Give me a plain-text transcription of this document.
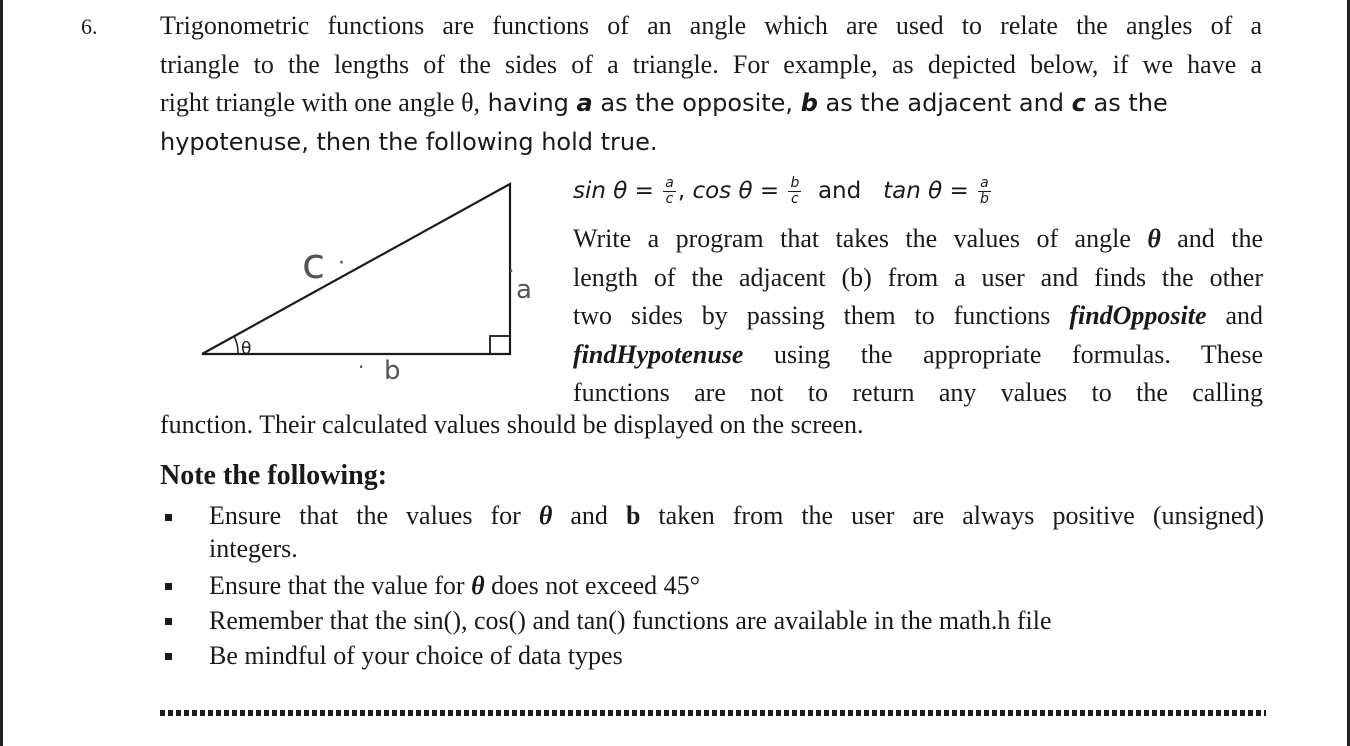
6. Trigonometric functions are functions of an angle which are used to relate the angles of a
triangle to the lengths of the sides of a triangle. For example, as depicted below, if we have a
right triangle with one angle θ, having a as the opposite, b as the adjacent and c as the
hypotenuse, then the following hold true.
θ
c ·
a
·
b
·
$\sin \theta = \frac{a}{c}$ , $\cos \theta = \frac{b}{c}$ and $\tan \theta = \frac{a}{b}$
Write a program that takes the values of angle θ and the
length of the adjacent (b) from a user and finds the other
two sides by passing them to functions findOpposite and
findHypotenuse using the appropriate formulas. These
functions are not to return any values to the calling
function. Their calculated values should be displayed on the screen.
Note the following:
Ensure that the values for θ and b taken from the user are always positive (unsigned)
integers.
Ensure that the value for θ does not exceed 45°
Remember that the sin(), cos() and tan() functions are available in the math.h file
Be mindful of your choice of data types
